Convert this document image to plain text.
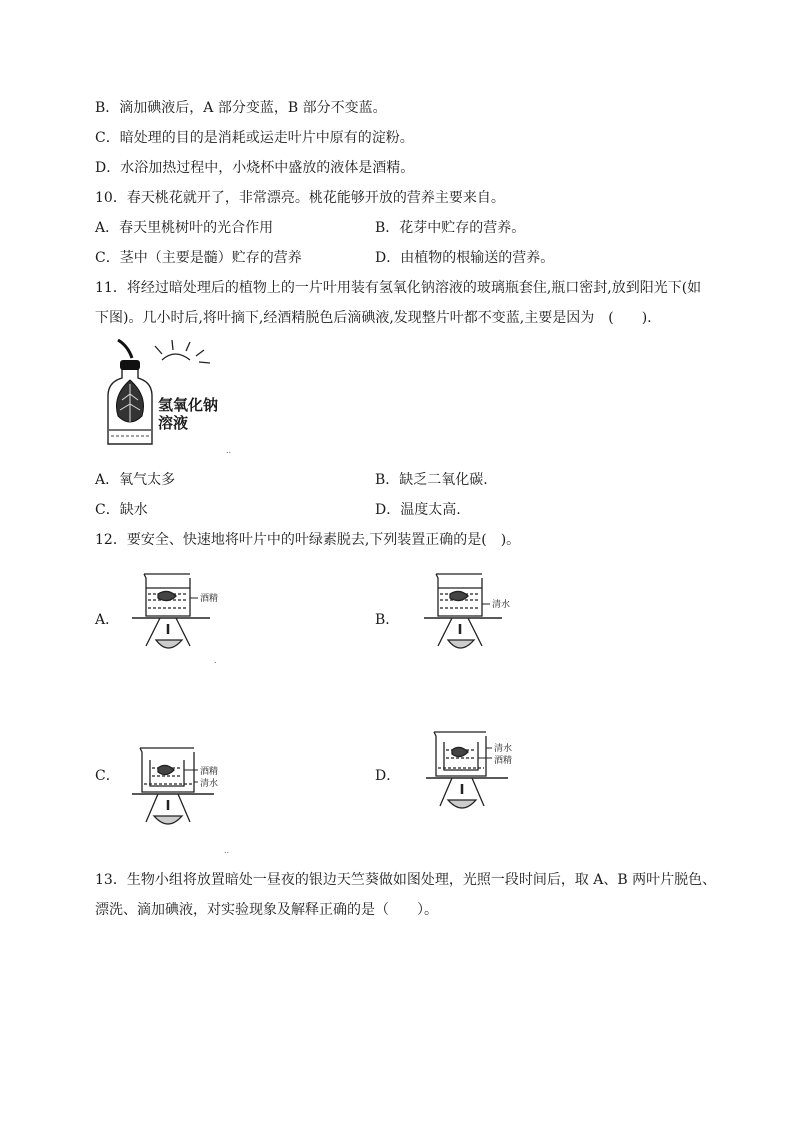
B．滴加碘液后，A 部分变蓝，B 部分不变蓝。
C．暗处理的目的是消耗或运走叶片中原有的淀粉。
D．水浴加热过程中，小烧杯中盛放的液体是酒精。
10．春天桃花就开了，非常漂亮。桃花能够开放的营养主要来自。
A．春天里桃树叶的光合作用	B．花芽中贮存的营养。
C．茎中（主要是髓）贮存的营养	D．由植物的根输送的营养。
11．将经过暗处理后的植物上的一片叶用装有氢氧化钠溶液的玻璃瓶套住,瓶口密封,放到阳光下(如
下图)。几小时后,将叶摘下,经酒精脱色后滴碘液,发现整片叶都不变蓝,主要是因为　(　　).
氢氧化钠
溶液
..
A．氧气太多	B．缺乏二氧化碳.
C．缺水	D．温度太高.
12．要安全、快速地将叶片中的叶绿素脱去,下列装置正确的是(　)。
A．
酒精
.
B．
清水
C．	酒精
清水
..
D．
清水
酒精
13．生物小组将放置暗处一昼夜的银边天竺葵做如图处理，光照一段时间后，取 A、B 两叶片脱色、
漂洗、滴加碘液，对实验现象及解释正确的是（　　）。
